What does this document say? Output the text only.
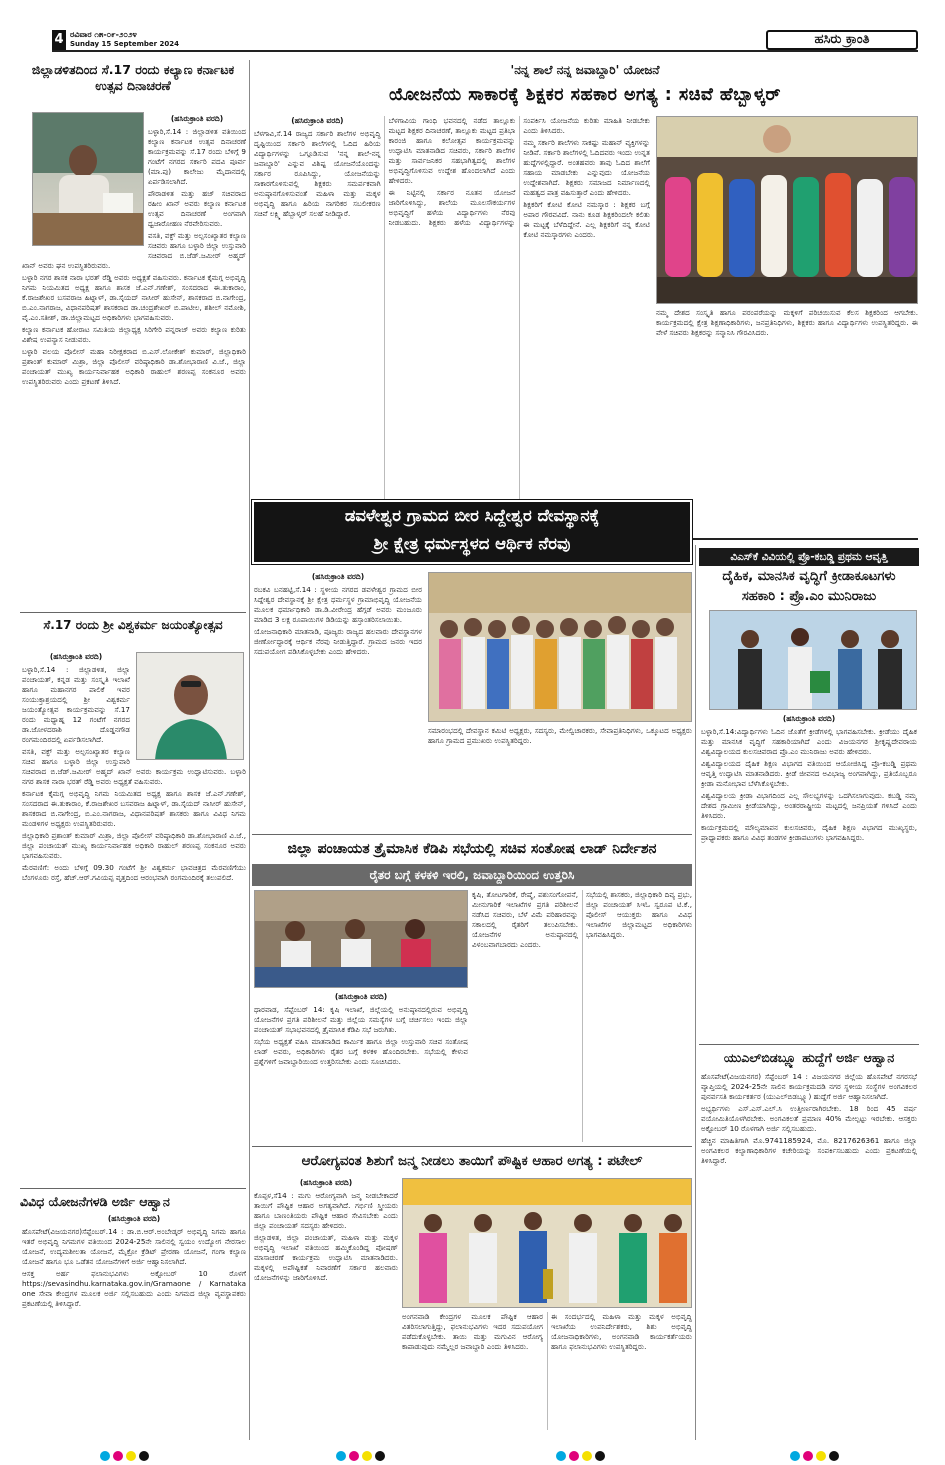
4 ರವಿವಾರ ೧೫-೦೯-೨೦೨೪
Sunday 15 September 2024	ಹಸಿರು ಕ್ರಾಂತಿ
ಜಿಲ್ಲಾಡಳಿತದಿಂದ ಸೆ.17 ರಂದು ಕಲ್ಯಾಣ ಕರ್ನಾಟಕ ಉತ್ಸವ ದಿನಾಚರಣೆ
(ಹಸಿರುಕ್ರಾಂತಿ ವರದಿ)

ಬಳ್ಳಾರಿ,ಸೆ.14 : ಜಿಲ್ಲಾಡಳಿತ ವತಿಯಿಂದ ಕಲ್ಯಾಣ ಕರ್ನಾಟಕ ಉತ್ಸವ ದಿನಾಚರಣೆ ಕಾರ್ಯಕ್ರಮವನ್ನು ಸೆ.17 ರಂದು ಬೆಳಿಗ್ಗೆ 9 ಗಂಟೆಗೆ ನಗರದ ಸರ್ಕಾರಿ ಪದವಿ ಪೂರ್ವ (ಮಾ.ಪು) ಕಾಲೇಜು ಮೈದಾನದಲ್ಲಿ ಏರ್ಪಡಿಸಲಾಗಿದೆ.

ಪೌರಾಡಳಿತ ಮತ್ತು ಹಜ್ ಸಚಿವರಾದ ರಹೀಂ ಖಾನ್ ಅವರು ಕಲ್ಯಾಣ ಕರ್ನಾಟಕ ಉತ್ಸವ ದಿನಾಚರಣೆ ಅಂಗವಾಗಿ ಧ್ವಜಾರೋಹಣ ನೆರವೇರಿಸುವರು.

ವಸತಿ, ವಕ್ಫ್ ಮತ್ತು ಅಲ್ಪಸಂಖ್ಯಾತರ ಕಲ್ಯಾಣ ಸಚಿವರು ಹಾಗೂ ಬಳ್ಳಾರಿ ಜಿಲ್ಲಾ ಉಸ್ತುವಾರಿ ಸಚಿವರಾದ ಬಿ.ಜೆಡ್.ಜಮೀರ್ ಅಹ್ಮದ್ ಖಾನ್ ಅವರು ಘನ ಉಪಸ್ಥಿತರಿರುವರು.

ಬಳ್ಳಾರಿ ನಗರ ಶಾಸಕ ನಾರಾ ಭರತ್ ರೆಡ್ಡಿ ಅವರು ಅಧ್ಯಕ್ಷತೆ ವಹಿಸುವರು. ಕರ್ನಾಟಕ ಕೈಮಗ್ಗ ಅಭಿವೃದ್ಧಿ ನಿಗಮ ನಿಯಮಿತದ ಅಧ್ಯಕ್ಷ ಹಾಗೂ ಶಾಸಕ ಜೆ.ಎನ್.ಗಣೇಶ್, ಸಂಸದರಾದ ಈ.ತುಕಾರಾಂ, ಕೆ.ರಾಜಶೇಖರ ಬಸವರಾಜ ಹಿಟ್ನಾಳ್, ಡಾ.ಸೈಯದ್ ನಾಸೀರ್ ಹುಸೇನ್, ಶಾಸಕರಾದ ಬಿ.ನಾಗೇಂದ್ರ, ಬಿ.ಎಂ.ನಾಗರಾಜ, ವಿಧಾನಪರಿಷತ್ ಶಾಸಕರಾದ ಡಾ.ಚಂದ್ರಶೇಖರ್ ಬಿ.ಪಾಟೀಲ, ಶಶೀಲ್ ನಮೋಶಿ, ವೈ.ಎಂ.ಸತೀಶ್, ಡಾ.ಜಿಲ್ಲಾಮಟ್ಟದ ಅಧಿಕಾರಿಗಳು ಭಾಗವಹಿಸುವರು.

ಕಲ್ಯಾಣ ಕರ್ನಾಟಕ ಹೋರಾಟ ಸಮಿತಿಯ ಜಿಲ್ಲಾಧ್ಯಕ್ಷ ಸಿರಿಗೇರಿ ಪನ್ನರಾಜ್ ಅವರು ಕಲ್ಯಾಣ ಕುರಿತು ವಿಶೇಷ ಉಪನ್ಯಾಸ ನೀಡುವರು.

ಬಳ್ಳಾರಿ ವಲಯ ಪೊಲೀಸ್ ಮಹಾ ನಿರೀಕ್ಷಕರಾದ ಬಿ.ಎಸ್.ಲೋಕೇಶ್ ಕುಮಾರ್, ಜಿಲ್ಲಾಧಿಕಾರಿ ಪ್ರಶಾಂತ್ ಕುಮಾರ್ ಮಿಶ್ರಾ, ಜಿಲ್ಲಾ ಪೊಲೀಸ್ ವರಿಷ್ಠಾಧಿಕಾರಿ ಡಾ.ಶೋಭಾರಾಣಿ ವಿ.ಜೆ., ಜಿಲ್ಲಾ ಪಂಚಾಯತ್ ಮುಖ್ಯ ಕಾರ್ಯನಿರ್ವಾಹಕ ಅಧಿಕಾರಿ ರಾಹುಲ್ ಶರಣಪ್ಪ ಸಂಕನೂರ ಅವರು ಉಪಸ್ಥಿತರಿರುವರು ಎಂದು ಪ್ರಕಟಣೆ ತಿಳಿಸಿದೆ.

ಸೆ.17 ರಂದು ಶ್ರೀ ವಿಶ್ವಕರ್ಮ ಜಯಂತ್ಯೋತ್ಸವ
(ಹಸಿರುಕ್ರಾಂತಿ ವರದಿ)

ಬಳ್ಳಾರಿ,ಸೆ.14 : ಜಿಲ್ಲಾಡಳಿತ, ಜಿಲ್ಲಾ ಪಂಚಾಯತ್, ಕನ್ನಡ ಮತ್ತು ಸಂಸ್ಕೃತಿ ಇಲಾಖೆ ಹಾಗೂ ಮಹಾನಗರ ಪಾಲಿಕೆ ಇವರ ಸಂಯುಕ್ತಾಶ್ರಯದಲ್ಲಿ ಶ್ರೀ ವಿಶ್ವಕರ್ಮ ಜಯಂತ್ಯೋತ್ಸವ ಕಾರ್ಯಕ್ರಮವನ್ನು ಸೆ.17 ರಂದು ಮಧ್ಯಾಹ್ನ 12 ಗಂಟೆಗೆ ನಗರದ ಡಾ.ಜೋಳದರಾಶಿ ದೊಡ್ಡನಗೌಡ ರಂಗಮಂದಿರದಲ್ಲಿ ಏರ್ಪಡಿಸಲಾಗಿದೆ.

ವಸತಿ, ವಕ್ಫ್ ಮತ್ತು ಅಲ್ಪಸಂಖ್ಯಾತರ ಕಲ್ಯಾಣ ಸಚಿವ ಹಾಗೂ ಬಳ್ಳಾರಿ ಜಿಲ್ಲಾ ಉಸ್ತುವಾರಿ ಸಚಿವರಾದ ಬಿ.ಜೆಡ್.ಜಮೀರ್ ಅಹ್ಮದ್ ಖಾನ್ ಅವರು ಕಾರ್ಯಕ್ರಮ ಉದ್ಘಾಟಿಸುವರು. ಬಳ್ಳಾರಿ ನಗರ ಶಾಸಕ ನಾರಾ ಭರತ್ ರೆಡ್ಡಿ ಅವರು ಅಧ್ಯಕ್ಷತೆ ವಹಿಸುವರು.

ಕರ್ನಾಟಕ ಕೈಮಗ್ಗ ಅಭಿವೃದ್ಧಿ ನಿಗಮ ನಿಯಮಿತದ ಅಧ್ಯಕ್ಷ ಹಾಗೂ ಶಾಸಕ ಜೆ.ಎನ್.ಗಣೇಶ್, ಸಂಸದರಾದ ಈ.ತುಕಾರಾಂ, ಕೆ.ರಾಜಶೇಖರ ಬಸವರಾಜ ಹಿಟ್ನಾಳ್, ಡಾ.ಸೈಯದ್ ನಾಸೀರ್ ಹುಸೇನ್, ಶಾಸಕರಾದ ಬಿ.ನಾಗೇಂದ್ರ, ಬಿ.ಎಂ.ನಾಗರಾಜ, ವಿಧಾನಪರಿಷತ್ ಶಾಸಕರು ಹಾಗೂ ವಿವಿಧ ನಿಗಮ ಮಂಡಳಿಗಳ ಅಧ್ಯಕ್ಷರು ಉಪಸ್ಥಿತರಿರುವರು.

ಜಿಲ್ಲಾಧಿಕಾರಿ ಪ್ರಶಾಂತ್ ಕುಮಾರ್ ಮಿಶ್ರಾ, ಜಿಲ್ಲಾ ಪೊಲೀಸ್ ವರಿಷ್ಠಾಧಿಕಾರಿ ಡಾ.ಶೋಭಾರಾಣಿ ವಿ.ಜೆ., ಜಿಲ್ಲಾ ಪಂಚಾಯತ್ ಮುಖ್ಯ ಕಾರ್ಯನಿರ್ವಾಹಕ ಅಧಿಕಾರಿ ರಾಹುಲ್ ಶರಣಪ್ಪ ಸಂಕನೂರ ಅವರು ಭಾಗವಹಿಸುವರು.

ಮೆರವಣಿಗೆ: ಅಂದು ಬೆಳಿಗ್ಗೆ 09.30 ಗಂಟೆಗೆ ಶ್ರೀ ವಿಶ್ವಕರ್ಮ ಭಾವಚಿತ್ರದ ಮೆರವಣಿಗೆಯು ಬೆಂಗಳೂರು ರಸ್ತೆ, ಹೆಚ್.ಆರ್.ಗವಿಯಪ್ಪ ವೃತ್ತದಿಂದ ಆರಂಭವಾಗಿ ರಂಗಮಂದಿರಕ್ಕೆ ತಲುಪಲಿದೆ.

ವಿವಿಧ ಯೋಜನೆಗಳಡಿ ಅರ್ಜಿ ಆಹ್ವಾನ
(ಹಸಿರುಕ್ರಾಂತಿ ವರದಿ)

ಹೊಸಪೇಟೆ(ವಿಜಯನಗರ)ಸೆಪ್ಟೆಂಬರ್.14 : ಡಾ.ಬಿ.ಆರ್.ಅಂಬೇಡ್ಕರ್ ಅಭಿವೃದ್ಧಿ ನಿಗಮ ಹಾಗೂ ಇತರೆ ಅಭಿವೃದ್ಧಿ ನಿಗಮಗಳ ವತಿಯಿಂದ 2024-25ನೇ ಸಾಲಿನಲ್ಲಿ ಸ್ವಯಂ ಉದ್ಯೋಗ ನೇರಸಾಲ ಯೋಜನೆ, ಉದ್ಯಮಶೀಲತಾ ಯೋಜನೆ, ಮೈಕ್ರೋ ಕ್ರೆಡಿಟ್ ಪ್ರೇರಣಾ ಯೋಜನೆ, ಗಂಗಾ ಕಲ್ಯಾಣ ಯೋಜನೆ ಹಾಗೂ ಭೂ ಒಡೆತನ ಯೋಜನೆಗಳಿಗೆ ಅರ್ಜಿ ಆಹ್ವಾನಿಸಲಾಗಿದೆ.

ಆಸಕ್ತ ಅರ್ಹ ಫಲಾನುಭವಿಗಳು ಅಕ್ಟೋಬರ್ 10 ರೊಳಗೆ https://sevasindhu.karnataka.gov.in/Gramaone / Karnataka one ಸೇವಾ ಕೇಂದ್ರಗಳ ಮೂಲಕ ಅರ್ಜಿ ಸಲ್ಲಿಸಬಹುದು ಎಂದು ನಿಗಮದ ಜಿಲ್ಲಾ ವ್ಯವಸ್ಥಾಪಕರು ಪ್ರಕಟಣೆಯಲ್ಲಿ ತಿಳಿಸಿದ್ದಾರೆ.

'ನನ್ನ ಶಾಲೆ ನನ್ನ ಜವಾಬ್ದಾರಿ' ಯೋಜನೆ
ಯೋಜನೆಯ ಸಾಕಾರಕ್ಕೆ ಶಿಕ್ಷಕರ ಸಹಕಾರ ಅಗತ್ಯ : ಸಚಿವೆ ಹೆಬ್ಬಾಳ್ಕರ್
(ಹಸಿರುಕ್ರಾಂತಿ ವರದಿ)

ಬೆಳಗಾವಿ,ಸೆ.14 ರಾಜ್ಯದ ಸರ್ಕಾರಿ ಶಾಲೆಗಳ ಅಭಿವೃದ್ಧಿ ದೃಷ್ಟಿಯಿಂದ ಸರ್ಕಾರಿ ಶಾಲೆಗಳಲ್ಲಿ ಓದಿದ ಹಿರಿಯ ವಿದ್ಯಾರ್ಥಿಗಳನ್ನು ಒಗ್ಗೂಡಿಸುವ 'ನನ್ನ ಶಾಲೆ-ನನ್ನ ಜವಾಬ್ದಾರಿ' ಎನ್ನುವ ವಿಶಿಷ್ಟ ಯೋಜನೆಯೊಂದನ್ನು ಸರ್ಕಾರ ರೂಪಿಸಿದ್ದು, ಯೋಜನೆಯನ್ನು ಸಾಕಾರಗೊಳಿಸುವಲ್ಲಿ ಶಿಕ್ಷಕರು ಸಮರ್ಪಕವಾಗಿ ಅನುಷ್ಠಾನಗೊಳಿಸುವಂತೆ ಮಹಿಳಾ ಮತ್ತು ಮಕ್ಕಳ ಅಭಿವೃದ್ಧಿ ಹಾಗೂ ಹಿರಿಯ ನಾಗರಿಕರ ಸಬಲೀಕರಣ ಸಚಿವೆ ಲಕ್ಷ್ಮಿ ಹೆಬ್ಬಾಳ್ಕರ್ ಸಲಹೆ ನೀಡಿದ್ದಾರೆ.

ಬೆಳಗಾವಿಯ ಗಾಂಧಿ ಭವನದಲ್ಲಿ ನಡೆದ ತಾಲ್ಲೂಕು ಮಟ್ಟದ ಶಿಕ್ಷಕರ ದಿನಾಚರಣೆ, ತಾಲ್ಲೂಕು ಮಟ್ಟದ ಪ್ರತಿಭಾ ಕಾರಂಜಿ ಹಾಗೂ ಕಲೋತ್ಸವ ಕಾರ್ಯಕ್ರಮವನ್ನು ಉದ್ಘಾಟಿಸಿ ಮಾತನಾಡಿದ ಸಚಿವರು, ಸರ್ಕಾರಿ ಶಾಲೆಗಳ ಮತ್ತು ಸಾರ್ವಜನಿಕರ ಸಹಭಾಗಿತ್ವದಲ್ಲಿ ಶಾಲೆಗಳ ಅಭಿವೃದ್ಧಿಗೊಳಿಸುವ ಉದ್ದೇಶ ಹೊಂದಲಾಗಿದೆ ಎಂದು ಹೇಳಿದರು.

ಈ ನಿಟ್ಟಿನಲ್ಲಿ ಸರ್ಕಾರ ನೂತನ ಯೋಜನೆ ಜಾರಿಗೊಳಿಸಿದ್ದು, ಶಾಲೆಯ ಮೂಲಸೌಕರ್ಯಗಳ ಅಭಿವೃದ್ಧಿಗೆ ಹಳೆಯ ವಿದ್ಯಾರ್ಥಿಗಳು ನೆರವು ನೀಡಬಹುದು. ಶಿಕ್ಷಕರು ಹಳೆಯ ವಿದ್ಯಾರ್ಥಿಗಳನ್ನು ಸಂಪರ್ಕಿಸಿ ಯೋಜನೆಯ ಕುರಿತು ಮಾಹಿತಿ ನೀಡಬೇಕು ಎಂದು ತಿಳಿಸಿದರು.

ನಮ್ಮ ಸರ್ಕಾರಿ ಶಾಲೆಗಳು ಸಾಕಷ್ಟು ಮಹಾನ್ ವ್ಯಕ್ತಿಗಳನ್ನು ನೀಡಿವೆ. ಸರ್ಕಾರಿ ಶಾಲೆಗಳಲ್ಲಿ ಓದಿದವರು ಇಂದು ಉನ್ನತ ಹುದ್ದೆಗಳಲ್ಲಿದ್ದಾರೆ. ಅಂತಹವರು ತಾವು ಓದಿದ ಶಾಲೆಗೆ ಸಹಾಯ ಮಾಡಬೇಕು ಎನ್ನುವುದು ಯೋಜನೆಯ ಉದ್ದೇಶವಾಗಿದೆ. ಶಿಕ್ಷಕರು ಸಮಾಜದ ನಿರ್ಮಾಣದಲ್ಲಿ ಮಹತ್ವದ ಪಾತ್ರ ವಹಿಸುತ್ತಾರೆ ಎಂದು ಹೇಳಿದರು.

ಶಿಕ್ಷಕರಿಗೆ ಕೋಟಿ ಕೋಟಿ ನಮಸ್ಕಾರ : ಶಿಕ್ಷಕರ ಬಗ್ಗೆ ಅಪಾರ ಗೌರವವಿದೆ. ನಾನು ಕೂಡ ಶಿಕ್ಷಕರಿಂದಲೇ ಕಲಿತು ಈ ಮಟ್ಟಕ್ಕೆ ಬೆಳೆದಿದ್ದೇನೆ. ಎಲ್ಲ ಶಿಕ್ಷಕರಿಗೆ ನನ್ನ ಕೋಟಿ ಕೋಟಿ ನಮಸ್ಕಾರಗಳು ಎಂದರು.

ನಮ್ಮ ದೇಶದ ಸಂಸ್ಕೃತಿ ಹಾಗೂ ಪರಂಪರೆಯನ್ನು ಮಕ್ಕಳಿಗೆ ಪರಿಚಯಿಸುವ ಕೆಲಸ ಶಿಕ್ಷಕರಿಂದ ಆಗಬೇಕು. ಕಾರ್ಯಕ್ರಮದಲ್ಲಿ ಕ್ಷೇತ್ರ ಶಿಕ್ಷಣಾಧಿಕಾರಿಗಳು, ಜನಪ್ರತಿನಿಧಿಗಳು, ಶಿಕ್ಷಕರು ಹಾಗೂ ವಿದ್ಯಾರ್ಥಿಗಳು ಉಪಸ್ಥಿತರಿದ್ದರು. ಈ ವೇಳೆ ಸಚಿವರು ಶಿಕ್ಷಕರನ್ನು ಸನ್ಮಾನಿಸಿ ಗೌರವಿಸಿದರು.

ಡವಳೇಶ್ವರ ಗ್ರಾಮದ ಬೀರ ಸಿದ್ದೇಶ್ವರ ದೇವಸ್ಥಾನಕ್ಕೆ
ಶ್ರೀ ಕ್ಷೇತ್ರ ಧರ್ಮಸ್ಥಳದ ಆರ್ಥಿಕ ನೆರವು
(ಹಸಿರುಕ್ರಾಂತಿ ವರದಿ)

ರಬಕವಿ ಬನಹಟ್ಟಿ,ಸೆ.14 : ಸ್ಥಳೀಯ ನಗರದ ಡವಳೇಶ್ವರ ಗ್ರಾಮದ ಬೀರ ಸಿದ್ದೇಶ್ವರ ದೇವಸ್ಥಾನಕ್ಕೆ ಶ್ರೀ ಕ್ಷೇತ್ರ ಧರ್ಮಸ್ಥಳ ಗ್ರಾಮಾಭಿವೃದ್ಧಿ ಯೋಜನೆಯ ಮೂಲಕ ಧರ್ಮಾಧಿಕಾರಿ ಡಾ.ಡಿ.ವೀರೇಂದ್ರ ಹೆಗ್ಗಡೆ ಅವರು ಮಂಜೂರು ಮಾಡಿದ 3 ಲಕ್ಷ ರೂಪಾಯಿಗಳ ಡಿಡಿಯನ್ನು ಹಸ್ತಾಂತರಿಸಲಾಯಿತು.

ಯೋಜನಾಧಿಕಾರಿ ಮಾತನಾಡಿ, ಪೂಜ್ಯರು ರಾಜ್ಯದ ಹಲವಾರು ದೇವಸ್ಥಾನಗಳ ಜೀರ್ಣೋದ್ಧಾರಕ್ಕೆ ಆರ್ಥಿಕ ನೆರವು ನೀಡುತ್ತಿದ್ದಾರೆ. ಗ್ರಾಮದ ಜನರು ಇದರ ಸದುಪಯೋಗ ಪಡಿಸಿಕೊಳ್ಳಬೇಕು ಎಂದು ಹೇಳಿದರು.

ಸಮಾರಂಭದಲ್ಲಿ ದೇವಸ್ಥಾನ ಕಮಿಟಿ ಅಧ್ಯಕ್ಷರು, ಸದಸ್ಯರು, ಮೇಲ್ವಿಚಾರಕರು, ಸೇವಾಪ್ರತಿನಿಧಿಗಳು, ಒಕ್ಕೂಟದ ಅಧ್ಯಕ್ಷರು ಹಾಗೂ ಗ್ರಾಮದ ಪ್ರಮುಖರು ಉಪಸ್ಥಿತರಿದ್ದರು.

ಜಿಲ್ಲಾ ಪಂಚಾಯತ ತ್ರೈಮಾಸಿಕ ಕೆಡಿಪಿ ಸಭೆಯಲ್ಲಿ ಸಚಿವ ಸಂತೋಷ ಲಾಡ್ ನಿರ್ದೇಶನ
ರೈತರ ಬಗ್ಗೆ ಕಳಕಳಿ ಇರಲಿ, ಜವಾಬ್ದಾರಿಯಿಂದ ಉತ್ತರಿಸಿ
(ಹಸಿರುಕ್ರಾಂತಿ ವರದಿ)

ಧಾರವಾಡ, ಸೆಪ್ಟೆಂಬರ್ 14: ಕೃಷಿ ಇಲಾಖೆ, ಜಿಲ್ಲೆಯಲ್ಲಿ ಅನುಷ್ಠಾನದಲ್ಲಿರುವ ಅಭಿವೃದ್ಧಿ ಯೋಜನೆಗಳ ಪ್ರಗತಿ ಪರಿಶೀಲನೆ ಮತ್ತು ಜಿಲ್ಲೆಯ ಸಮಸ್ಯೆಗಳ ಬಗ್ಗೆ ಚರ್ಚಿಸಲು ಇಂದು ಜಿಲ್ಲಾ ಪಂಚಾಯತ್ ಸಭಾಭವನದಲ್ಲಿ ತ್ರೈಮಾಸಿಕ ಕೆಡಿಪಿ ಸಭೆ ಜರುಗಿತು.

ಸಭೆಯ ಅಧ್ಯಕ್ಷತೆ ವಹಿಸಿ ಮಾತನಾಡಿದ ಕಾರ್ಮಿಕ ಹಾಗೂ ಜಿಲ್ಲಾ ಉಸ್ತುವಾರಿ ಸಚಿವ ಸಂತೋಷ ಲಾಡ್ ಅವರು, ಅಧಿಕಾರಿಗಳು ರೈತರ ಬಗ್ಗೆ ಕಳಕಳಿ ಹೊಂದಿರಬೇಕು. ಸಭೆಯಲ್ಲಿ ಕೇಳುವ ಪ್ರಶ್ನೆಗಳಿಗೆ ಜವಾಬ್ದಾರಿಯಿಂದ ಉತ್ತರಿಸಬೇಕು ಎಂದು ಸೂಚಿಸಿದರು.

ಕೃಷಿ, ತೋಟಗಾರಿಕೆ, ರೇಷ್ಮೆ, ಪಶುಸಂಗೋಪನೆ, ಮೀನುಗಾರಿಕೆ ಇಲಾಖೆಗಳ ಪ್ರಗತಿ ಪರಿಶೀಲನೆ ನಡೆಸಿದ ಸಚಿವರು, ಬೆಳೆ ವಿಮೆ ಪರಿಹಾರವನ್ನು ಸಕಾಲದಲ್ಲಿ ರೈತರಿಗೆ ತಲುಪಿಸಬೇಕು. ಯೋಜನೆಗಳ ಅನುಷ್ಠಾನದಲ್ಲಿ ವಿಳಂಬವಾಗಬಾರದು ಎಂದರು.

ಸಭೆಯಲ್ಲಿ ಶಾಸಕರು, ಜಿಲ್ಲಾಧಿಕಾರಿ ದಿವ್ಯ ಪ್ರಭು, ಜಿಲ್ಲಾ ಪಂಚಾಯತ್ ಸಿಇಓ ಸ್ವರೂಪ ಟಿ.ಕೆ., ಪೊಲೀಸ್ ಆಯುಕ್ತರು ಹಾಗೂ ವಿವಿಧ ಇಲಾಖೆಗಳ ಜಿಲ್ಲಾಮಟ್ಟದ ಅಧಿಕಾರಿಗಳು ಭಾಗವಹಿಸಿದ್ದರು.

ಆರೋಗ್ಯವಂತ ಶಿಶುಗೆ ಜನ್ಮ ನೀಡಲು ತಾಯಿಗೆ ಪೌಷ್ಟಿಕ ಆಹಾರ ಅಗತ್ಯ : ಪಟೇಲ್
(ಹಸಿರುಕ್ರಾಂತಿ ವರದಿ)

ಕೊಪ್ಪಳ,ಸೆ14 : ಮಗು ಆರೋಗ್ಯವಾಗಿ ಜನ್ಮ ನೀಡಬೇಕಾದರೆ ತಾಯಿಗೆ ಪೌಷ್ಟಿಕ ಆಹಾರ ಅಗತ್ಯವಾಗಿದೆ. ಗರ್ಭಿಣಿ ಸ್ತ್ರೀಯರು ಹಾಗೂ ಬಾಣಂತಿಯರು ಪೌಷ್ಟಿಕ ಆಹಾರ ಸೇವಿಸಬೇಕು ಎಂದು ಜಿಲ್ಲಾ ಪಂಚಾಯತ್ ಸದಸ್ಯರು ಹೇಳಿದರು.

ಜಿಲ್ಲಾಡಳಿತ, ಜಿಲ್ಲಾ ಪಂಚಾಯತ್, ಮಹಿಳಾ ಮತ್ತು ಮಕ್ಕಳ ಅಭಿವೃದ್ಧಿ ಇಲಾಖೆ ವತಿಯಿಂದ ಹಮ್ಮಿಕೊಂಡಿದ್ದ ಪೋಷಣ್ ಮಾಸಾಚರಣೆ ಕಾರ್ಯಕ್ರಮ ಉದ್ಘಾಟಿಸಿ ಮಾತನಾಡಿದರು. ಮಕ್ಕಳಲ್ಲಿ ಅಪೌಷ್ಟಿಕತೆ ನಿವಾರಣೆಗೆ ಸರ್ಕಾರ ಹಲವಾರು ಯೋಜನೆಗಳನ್ನು ಜಾರಿಗೊಳಿಸಿದೆ.

ಅಂಗನವಾಡಿ ಕೇಂದ್ರಗಳ ಮೂಲಕ ಪೌಷ್ಟಿಕ ಆಹಾರ ವಿತರಿಸಲಾಗುತ್ತಿದ್ದು, ಫಲಾನುಭವಿಗಳು ಇದರ ಸದುಪಯೋಗ ಪಡೆದುಕೊಳ್ಳಬೇಕು. ತಾಯಿ ಮತ್ತು ಮಗುವಿನ ಆರೋಗ್ಯ ಕಾಪಾಡುವುದು ನಮ್ಮೆಲ್ಲರ ಜವಾಬ್ದಾರಿ ಎಂದು ತಿಳಿಸಿದರು.

ಈ ಸಂದರ್ಭದಲ್ಲಿ ಮಹಿಳಾ ಮತ್ತು ಮಕ್ಕಳ ಅಭಿವೃದ್ಧಿ ಇಲಾಖೆಯ ಉಪನಿರ್ದೇಶಕರು, ಶಿಶು ಅಭಿವೃದ್ಧಿ ಯೋಜನಾಧಿಕಾರಿಗಳು, ಅಂಗನವಾಡಿ ಕಾರ್ಯಕರ್ತೆಯರು ಹಾಗೂ ಫಲಾನುಭವಿಗಳು ಉಪಸ್ಥಿತರಿದ್ದರು.

ವಿಎಸ್‌ಕೆ ವಿವಿಯಲ್ಲಿ ಪ್ರೊ-ಕಬಡ್ಡಿ ಪ್ರಥಮ ಆವೃತ್ತಿ
ದೈಹಿಕ, ಮಾನಸಿಕ ವೃದ್ಧಿಗೆ ಕ್ರೀಡಾಕೂಟಗಳು
ಸಹಕಾರಿ : ಪ್ರೊ.ಎಂ ಮುನಿರಾಜು
(ಹಸಿರುಕ್ರಾಂತಿ ವರದಿ)

ಬಳ್ಳಾರಿ,ಸೆ.14:ವಿದ್ಯಾರ್ಥಿಗಳು ಓದಿನ ಜೊತೆಗೆ ಕ್ರೀಡೆಗಳಲ್ಲಿ ಭಾಗವಹಿಸಬೇಕು. ಕ್ರೀಡೆಯು ದೈಹಿಕ ಮತ್ತು ಮಾನಸಿಕ ವೃದ್ಧಿಗೆ ಸಹಕಾರಿಯಾಗಿದೆ ಎಂದು ವಿಜಯನಗರ ಶ್ರೀಕೃಷ್ಣದೇವರಾಯ ವಿಶ್ವವಿದ್ಯಾಲಯದ ಕುಲಸಚಿವರಾದ ಪ್ರೊ.ಎಂ ಮುನಿರಾಜು ಅವರು ಹೇಳಿದರು.

ವಿಶ್ವವಿದ್ಯಾಲಯದ ದೈಹಿಕ ಶಿಕ್ಷಣ ವಿಭಾಗದ ವತಿಯಿಂದ ಆಯೋಜಿಸಿದ್ದ ಪ್ರೊ-ಕಬಡ್ಡಿ ಪ್ರಥಮ ಆವೃತ್ತಿ ಉದ್ಘಾಟಿಸಿ ಮಾತನಾಡಿದರು. ಕ್ರೀಡೆ ಜೀವನದ ಅವಿಭಾಜ್ಯ ಅಂಗವಾಗಿದ್ದು, ಪ್ರತಿಯೊಬ್ಬರೂ ಕ್ರೀಡಾ ಮನೋಭಾವ ಬೆಳೆಸಿಕೊಳ್ಳಬೇಕು.

ವಿಶ್ವವಿದ್ಯಾಲಯ ಕ್ರೀಡಾ ವಿಭಾಗದಿಂದ ಎಲ್ಲ ಸೌಲಭ್ಯಗಳನ್ನು ಒದಗಿಸಲಾಗುವುದು. ಕಬಡ್ಡಿ ನಮ್ಮ ದೇಶದ ಗ್ರಾಮೀಣ ಕ್ರೀಡೆಯಾಗಿದ್ದು, ಅಂತರರಾಷ್ಟ್ರೀಯ ಮಟ್ಟದಲ್ಲಿ ಜನಪ್ರಿಯತೆ ಗಳಿಸಿದೆ ಎಂದು ತಿಳಿಸಿದರು.

ಕಾರ್ಯಕ್ರಮದಲ್ಲಿ ಮೌಲ್ಯಮಾಪನ ಕುಲಸಚಿವರು, ದೈಹಿಕ ಶಿಕ್ಷಣ ವಿಭಾಗದ ಮುಖ್ಯಸ್ಥರು, ಪ್ರಾಧ್ಯಾಪಕರು ಹಾಗೂ ವಿವಿಧ ತಂಡಗಳ ಕ್ರೀಡಾಪಟುಗಳು ಭಾಗವಹಿಸಿದ್ದರು.

ಯುಎಲ್‌ಬಿಡಬ್ಲ್ಯೂ ಹುದ್ದೆಗೆ ಅರ್ಜಿ ಆಹ್ವಾನ

ಹೊಸಪೇಟೆ(ವಿಜಯನಗರ) ಸೆಪ್ಟೆಂಬರ್ 14 : ವಿಜಯನಗರ ಜಿಲ್ಲೆಯ ಹೊಸಪೇಟೆ ನಗರಸಭೆ ವ್ಯಾಪ್ತಿಯಲ್ಲಿ 2024-25ನೇ ಸಾಲಿನ ಕಾರ್ಯಕ್ರಮದಡಿ ನಗರ ಸ್ಥಳೀಯ ಸಂಸ್ಥೆಗಳ ಅಂಗವಿಕಲರ ಪುನರ್ವಸತಿ ಕಾರ್ಯಕರ್ತರ (ಯುಎಲ್‌ಬಿಡಬ್ಲ್ಯೂ) ಹುದ್ದೆಗೆ ಅರ್ಜಿ ಆಹ್ವಾನಿಸಲಾಗಿದೆ.

ಅಭ್ಯರ್ಥಿಗಳು ಎಸ್.ಎಸ್.ಎಲ್.ಸಿ ಉತ್ತೀರ್ಣರಾಗಿರಬೇಕು. 18 ರಿಂದ 45 ವರ್ಷ ವಯೋಮಿತಿಯೊಳಗಿರಬೇಕು. ಅಂಗವಿಕಲತೆ ಪ್ರಮಾಣ 40% ಮೇಲ್ಪಟ್ಟು ಇರಬೇಕು. ಆಸಕ್ತರು ಅಕ್ಟೋಬರ್ 10 ರೊಳಗಾಗಿ ಅರ್ಜಿ ಸಲ್ಲಿಸಬಹುದು.

ಹೆಚ್ಚಿನ ಮಾಹಿತಿಗಾಗಿ ಮೊ.9741185924, ಮೊ. 8217626361 ಹಾಗೂ ಜಿಲ್ಲಾ ಅಂಗವಿಕಲರ ಕಲ್ಯಾಣಾಧಿಕಾರಿಗಳ ಕಚೇರಿಯನ್ನು ಸಂಪರ್ಕಿಸಬಹುದು ಎಂದು ಪ್ರಕಟಣೆಯಲ್ಲಿ ತಿಳಿಸಿದ್ದಾರೆ.
